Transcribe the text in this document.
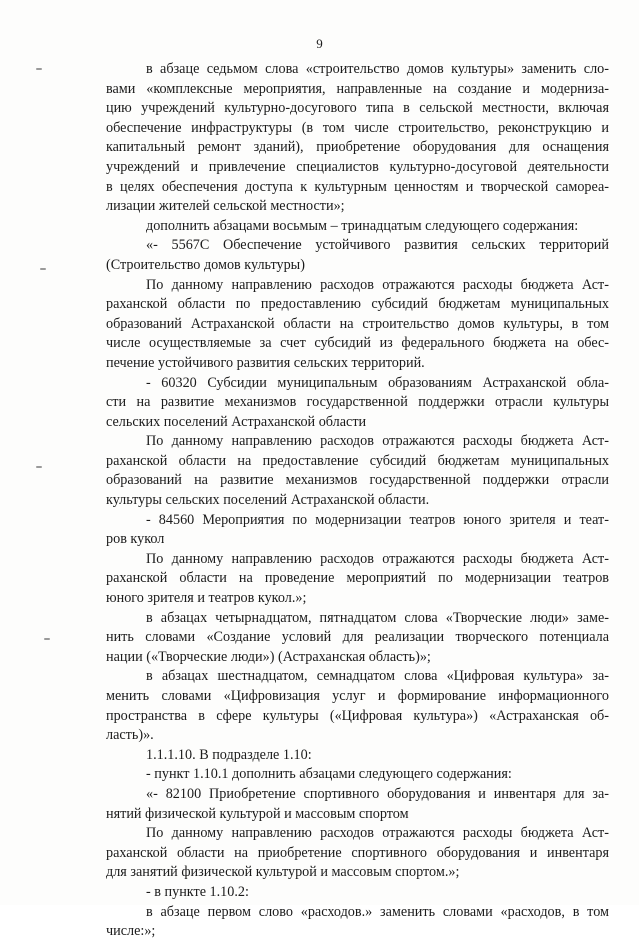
9
в абзаце седьмом слова «строительство домов культуры» заменить сло-
вами «комплексные мероприятия, направленные на создание и модерниза-
цию учреждений культурно-досугового типа в сельской местности, включая
обеспечение инфраструктуры (в том числе строительство, реконструкцию и
капитальный ремонт зданий), приобретение оборудования для оснащения
учреждений и привлечение специалистов культурно-досуговой деятельности
в целях обеспечения доступа к культурным ценностям и творческой самореа-
лизации жителей сельской местности»;
дополнить абзацами восьмым – тринадцатым следующего содержания:
«- 5567С Обеспечение устойчивого развития сельских территорий
(Строительство домов культуры)
По данному направлению расходов отражаются расходы бюджета Аст-
раханской области по предоставлению субсидий бюджетам муниципальных
образований Астраханской области на строительство домов культуры, в том
числе осуществляемые за счет субсидий из федерального бюджета на обес-
печение устойчивого развития сельских территорий.
- 60320 Субсидии муниципальным образованиям Астраханской обла-
сти на развитие механизмов государственной поддержки отрасли культуры
сельских поселений Астраханской области
По данному направлению расходов отражаются расходы бюджета Аст-
раханской области на предоставление субсидий бюджетам муниципальных
образований на развитие механизмов государственной поддержки отрасли
культуры сельских поселений Астраханской области.
- 84560 Мероприятия по модернизации театров юного зрителя и теат-
ров кукол
По данному направлению расходов отражаются расходы бюджета Аст-
раханской области на проведение мероприятий по модернизации театров
юного зрителя и театров кукол.»;
в абзацах четырнадцатом, пятнадцатом слова «Творческие люди» заме-
нить словами «Создание условий для реализации творческого потенциала
нации («Творческие люди») (Астраханская область)»;
в абзацах шестнадцатом, семнадцатом слова «Цифровая культура» за-
менить словами «Цифровизация услуг и формирование информационного
пространства в сфере культуры («Цифровая культура») «Астраханская об-
ласть)».
1.1.1.10. В подразделе 1.10:
- пункт 1.10.1 дополнить абзацами следующего содержания:
«- 82100 Приобретение спортивного оборудования и инвентаря для за-
нятий физической культурой и массовым спортом
По данному направлению расходов отражаются расходы бюджета Аст-
раханской области на приобретение спортивного оборудования и инвентаря
для занятий физической культурой и массовым спортом.»;
- в пункте 1.10.2:
в абзаце первом слово «расходов.» заменить словами «расходов, в том
числе:»;
